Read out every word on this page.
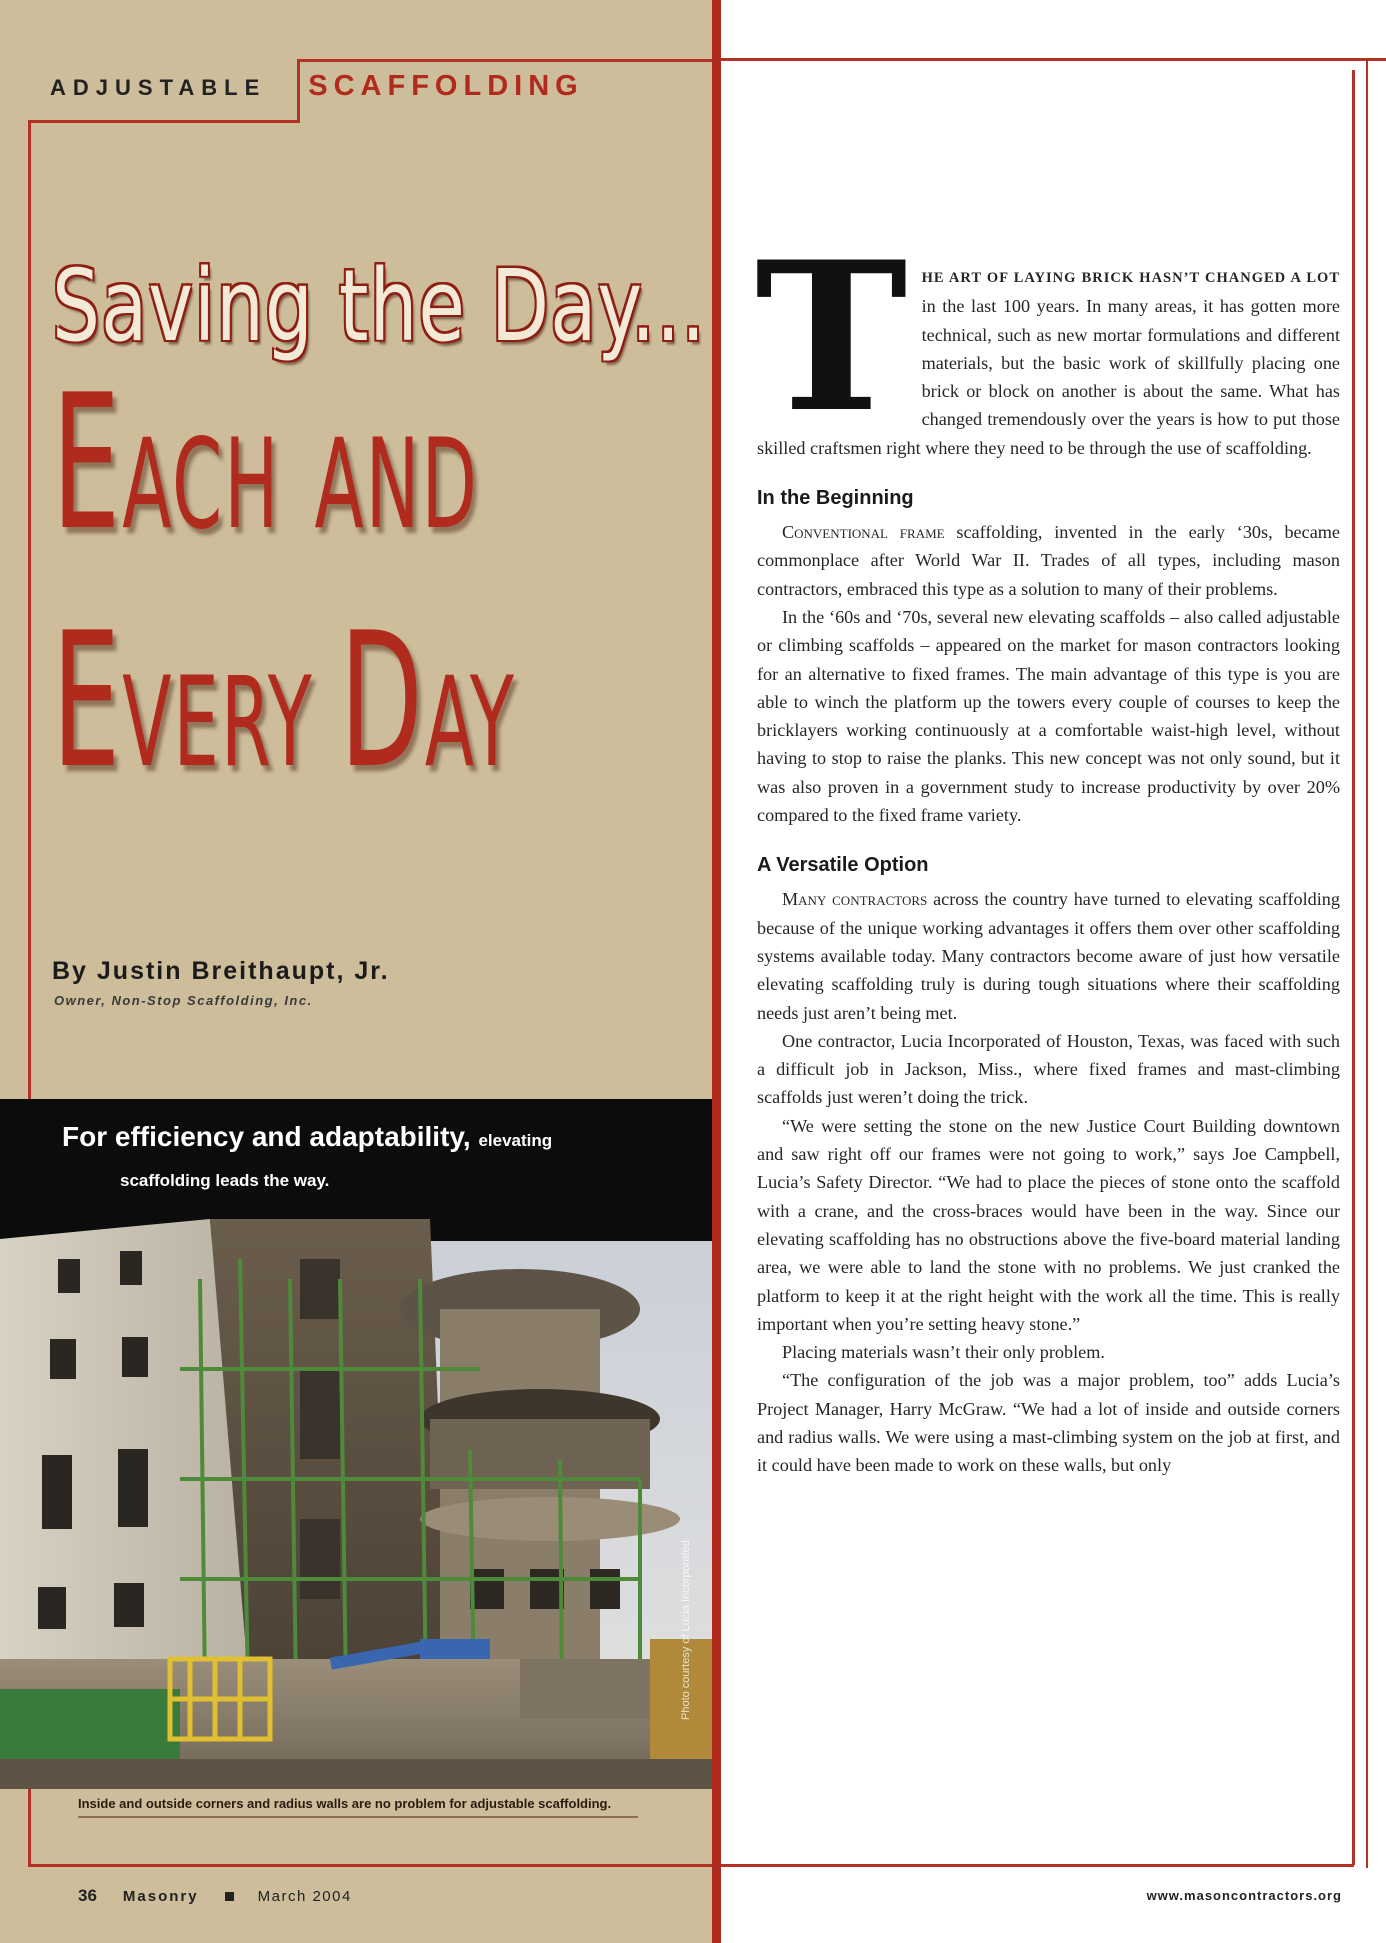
ADJUSTABLE SCAFFOLDING
Saving the Day...
EACH AND
EVERY DAY
By Justin Breithaupt, Jr.
Owner, Non-Stop Scaffolding, Inc.
For efficiency and adaptability, elevating
scaffolding leads the way.
Photo courtesy of Lucia Incorporated
Inside and outside corners and radius walls are no problem for adjustable scaffolding.
36 Masonry	March 2004	www.masoncontractors.org
T HE ART OF LAYING BRICK HASN’T CHANGED A LOT in the last 100 years. In many areas, it has gotten more technical, such as new mortar formulations and different materials, but the basic work of skillfully placing one brick or block on another is about the same. What has changed tremendously over the years is how to put those skilled craftsmen right where they need to be through the use of scaffolding.

In the Beginning

Conventional frame scaffolding, invented in the early ‘30s, became commonplace after World War II. Trades of all types, including mason contractors, embraced this type as a solution to many of their problems.

In the ‘60s and ‘70s, several new elevating scaffolds – also called adjustable or climbing scaffolds – appeared on the market for mason contractors looking for an alternative to fixed frames. The main advantage of this type is you are able to winch the platform up the towers every couple of courses to keep the bricklayers working continuously at a comfortable waist-high level, without having to stop to raise the planks. This new concept was not only sound, but it was also proven in a government study to increase productivity by over 20% compared to the fixed frame variety.

A Versatile Option

Many contractors across the country have turned to elevating scaffolding because of the unique working advantages it offers them over other scaffolding systems available today. Many contractors become aware of just how versatile elevating scaffolding truly is during tough situations where their scaffolding needs just aren’t being met.

One contractor, Lucia Incorporated of Houston, Texas, was faced with such a difficult job in Jackson, Miss., where fixed frames and mast-climbing scaffolds just weren’t doing the trick.

“We were setting the stone on the new Justice Court Building downtown and saw right off our frames were not going to work,” says Joe Campbell, Lucia’s Safety Director. “We had to place the pieces of stone onto the scaffold with a crane, and the cross-braces would have been in the way. Since our elevating scaffolding has no obstructions above the five-board material landing area, we were able to land the stone with no problems. We just cranked the platform to keep it at the right height with the work all the time. This is really important when you’re setting heavy stone.”

Placing materials wasn’t their only problem.

“The configuration of the job was a major problem, too” adds Lucia’s Project Manager, Harry McGraw. “We had a lot of inside and outside corners and radius walls. We were using a mast-climbing system on the job at first, and it could have been made to work on these walls, but only
